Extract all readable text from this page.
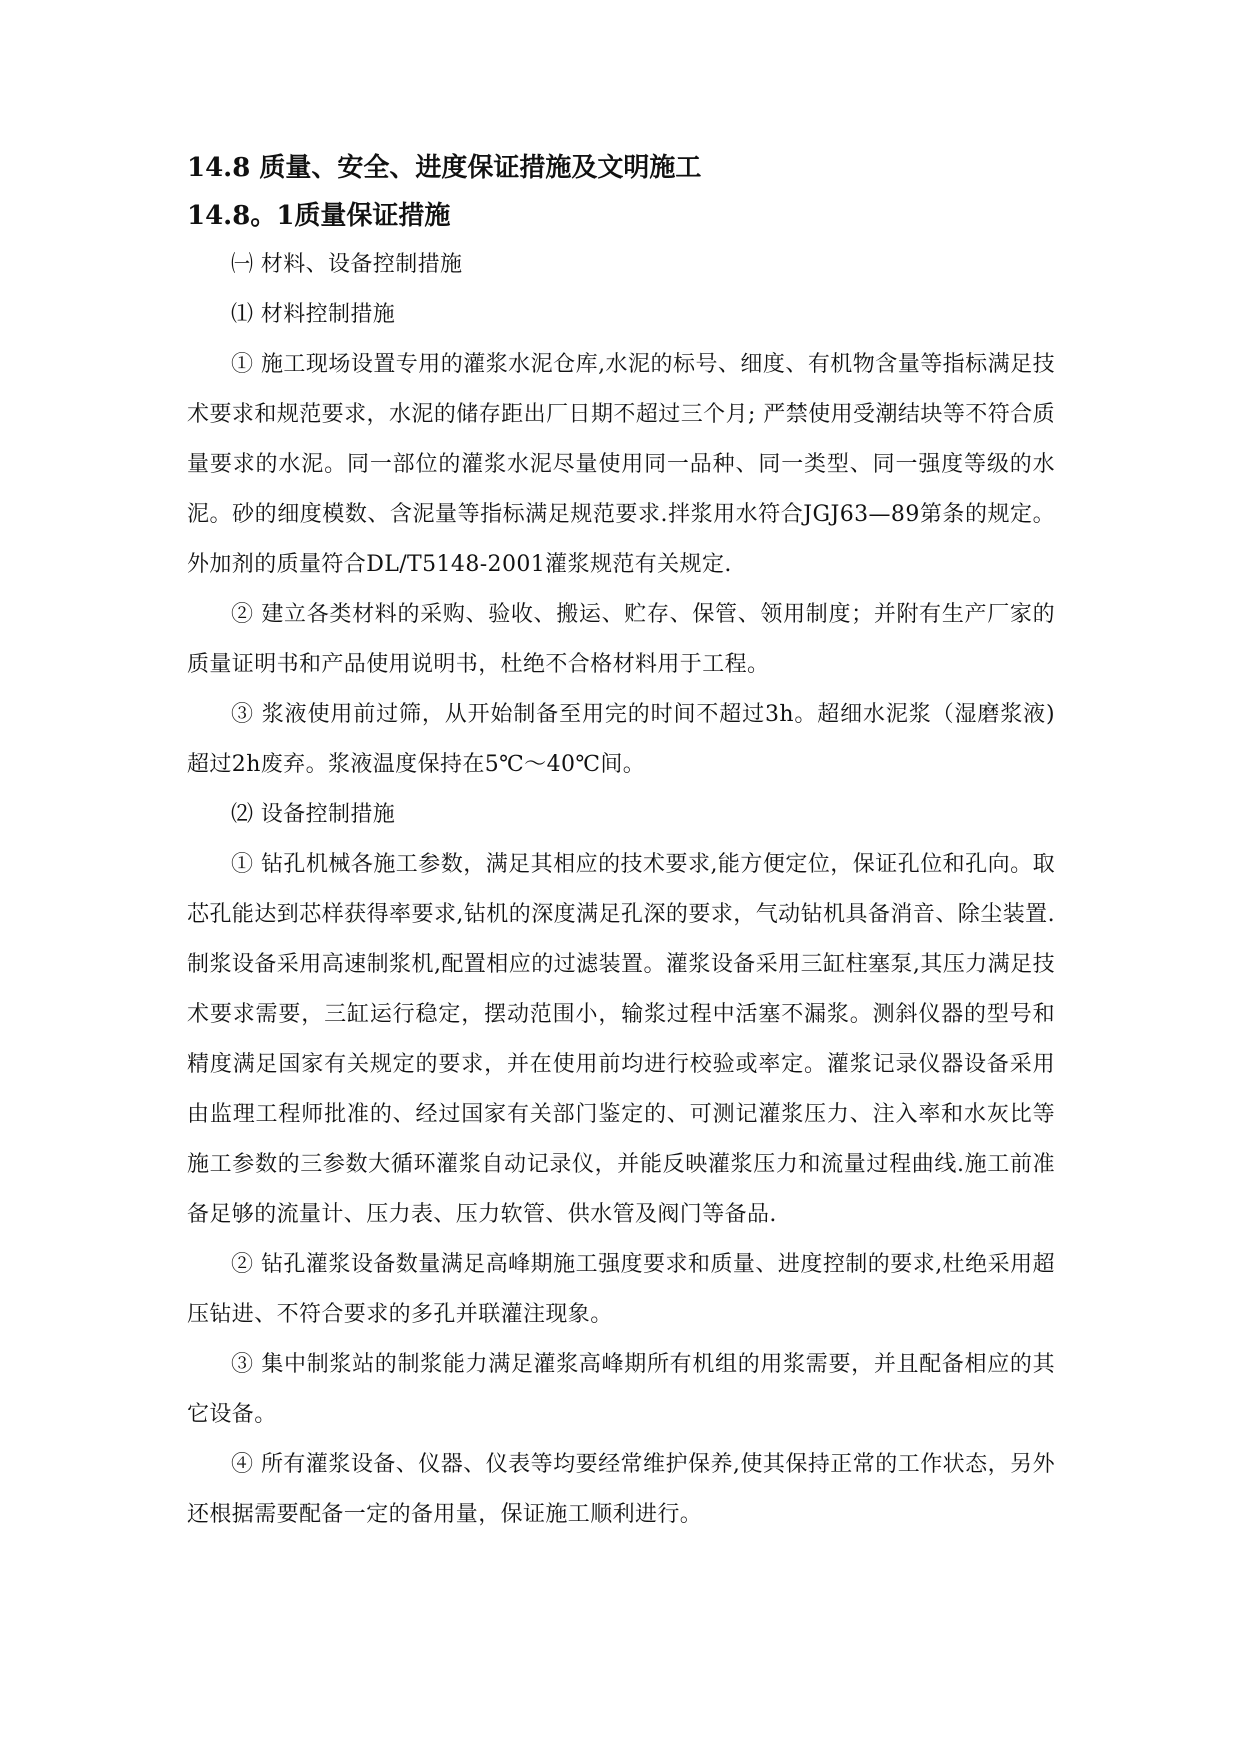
14.8 质量、安全、进度保证措施及文明施工
14.8。1质量保证措施

㈠ 材料、设备控制措施

⑴ 材料控制措施

① 施工现场设置专用的灌浆水泥仓库,水泥的标号、细度、有机物含量等指标满足技术要求和规范要求，水泥的储存距出厂日期不超过三个月; 严禁使用受潮结块等不符合质量要求的水泥。同一部位的灌浆水泥尽量使用同一品种、同一类型、同一强度等级的水泥。砂的细度模数、含泥量等指标满足规范要求.拌浆用水符合JGJ63—89第条的规定。外加剂的质量符合DL/T5148-2001灌浆规范有关规定.

② 建立各类材料的采购、验收、搬运、贮存、保管、领用制度；并附有生产厂家的质量证明书和产品使用说明书，杜绝不合格材料用于工程。

③ 浆液使用前过筛，从开始制备至用完的时间不超过3h。超细水泥浆（湿磨浆液)超过2h废弃。浆液温度保持在5℃～40℃间。

⑵ 设备控制措施

① 钻孔机械各施工参数，满足其相应的技术要求,能方便定位，保证孔位和孔向。取芯孔能达到芯样获得率要求,钻机的深度满足孔深的要求，气动钻机具备消音、除尘装置.制浆设备采用高速制浆机,配置相应的过滤装置。灌浆设备采用三缸柱塞泵,其压力满足技术要求需要，三缸运行稳定，摆动范围小，输浆过程中活塞不漏浆。测斜仪器的型号和精度满足国家有关规定的要求，并在使用前均进行校验或率定。灌浆记录仪器设备采用由监理工程师批准的、经过国家有关部门鉴定的、可测记灌浆压力、注入率和水灰比等施工参数的三参数大循环灌浆自动记录仪，并能反映灌浆压力和流量过程曲线.施工前准备足够的流量计、压力表、压力软管、供水管及阀门等备品.

② 钻孔灌浆设备数量满足高峰期施工强度要求和质量、进度控制的要求,杜绝采用超压钻进、不符合要求的多孔并联灌注现象。

③ 集中制浆站的制浆能力满足灌浆高峰期所有机组的用浆需要，并且配备相应的其它设备。

④ 所有灌浆设备、仪器、仪表等均要经常维护保养,使其保持正常的工作状态，另外还根据需要配备一定的备用量，保证施工顺利进行。
